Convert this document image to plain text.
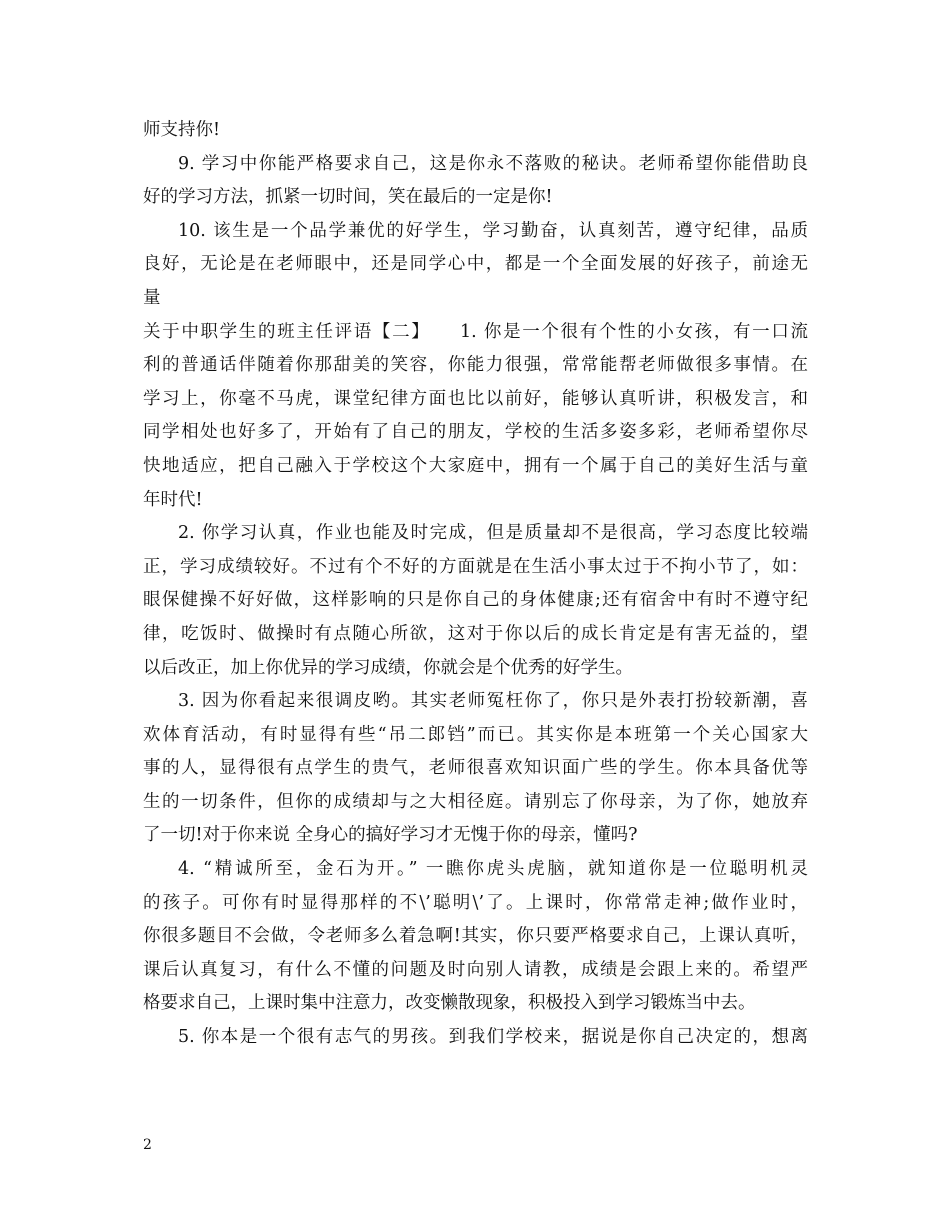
师支持你!
9. 学习中你能严格要求自己，这是你永不落败的秘诀。老师希望你能借助良
好的学习方法，抓紧一切时间，笑在最后的一定是你!
10. 该生是一个品学兼优的好学生，学习勤奋，认真刻苦，遵守纪律，品质
良好，无论是在老师眼中，还是同学心中，都是一个全面发展的好孩子，前途无
量
关于中职学生的班主任评语【二】　　1. 你是一个很有个性的小女孩，有一口流
利的普通话伴随着你那甜美的笑容，你能力很强，常常能帮老师做很多事情。在
学习上，你毫不马虎，课堂纪律方面也比以前好，能够认真听讲，积极发言，和
同学相处也好多了，开始有了自己的朋友，学校的生活多姿多彩，老师希望你尽
快地适应，把自己融入于学校这个大家庭中，拥有一个属于自己的美好生活与童
年时代!
2. 你学习认真，作业也能及时完成，但是质量却不是很高，学习态度比较端
正，学习成绩较好。不过有个不好的方面就是在生活小事太过于不拘小节了，如：
眼保健操不好好做，这样影响的只是你自己的身体健康;还有宿舍中有时不遵守纪
律，吃饭时、做操时有点随心所欲，这对于你以后的成长肯定是有害无益的，望
以后改正，加上你优异的学习成绩，你就会是个优秀的好学生。
3. 因为你看起来很调皮哟。其实老师冤枉你了，你只是外表打扮较新潮，喜
欢体育活动，有时显得有些“吊二郎铛”而已。其实你是本班第一个关心国家大
事的人，显得很有点学生的贵气，老师很喜欢知识面广些的学生。你本具备优等
生的一切条件，但你的成绩却与之大相径庭。请别忘了你母亲，为了你，她放弃
了一切!对于你来说 全身心的搞好学习才无愧于你的母亲，懂吗?
4. “精诚所至，金石为开。” 一瞧你虎头虎脑，就知道你是一位聪明机灵
的孩子。可你有时显得那样的不\’聪明\’了。上课时，你常常走神;做作业时，
你很多题目不会做，令老师多么着急啊!其实，你只要严格要求自己，上课认真听，
课后认真复习，有什么不懂的问题及时向别人请教，成绩是会跟上来的。希望严
格要求自己，上课时集中注意力，改变懒散现象，积极投入到学习锻炼当中去。
5. 你本是一个很有志气的男孩。到我们学校来，据说是你自己决定的，想离
2
